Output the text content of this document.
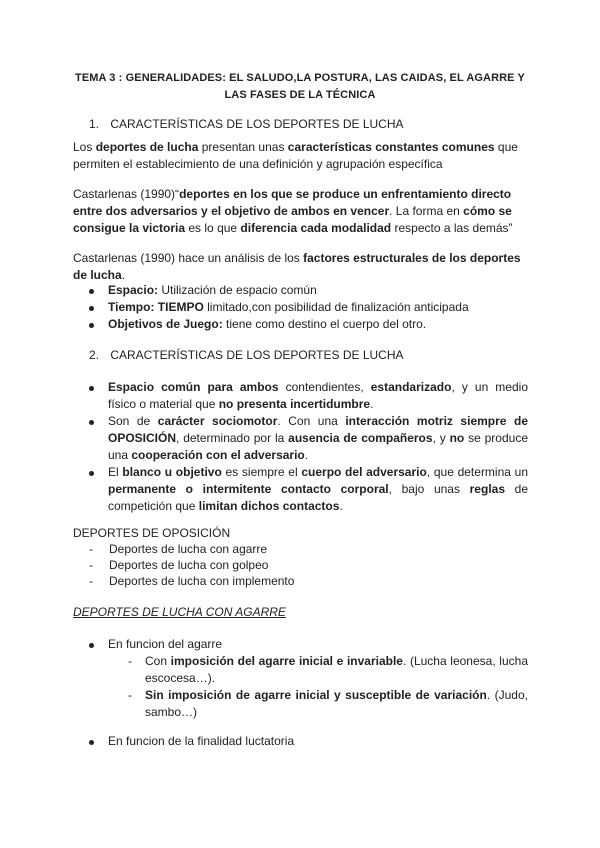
TEMA 3 : GENERALIDADES: EL SALUDO,LA POSTURA, LAS CAIDAS, EL AGARRE Y
LAS FASES DE LA TÉCNICA
1. CARACTERÍSTICAS DE LOS DEPORTES DE LUCHA

Los deportes de lucha presentan unas características constantes comunes que

permiten el establecimiento de una definición y agrupación específica

Castarlenas (1990)“deportes en los que se produce un enfrentamiento directo

entre dos adversarios y el objetivo de ambos en vencer. La forma en cómo se

consigue la victoria es lo que diferencia cada modalidad respecto a las demás”

Castarlenas (1990) hace un análisis de los factores estructurales de los deportes

de lucha.

Espacio: Utilización de espacio común
Tiempo: TIEMPO limitado,con posibilidad de finalización anticipada
Objetivos de Juego: tiene como destino el cuerpo del otro.
2. CARACTERÍSTICAS DE LOS DEPORTES DE LUCHA
Espacio común para ambos contendientes, estandarizado, y un medio físico o material que no presenta incertidumbre.
Son de carácter sociomotor. Con una interacción motriz siempre de OPOSICIÓN, determinado por la ausencia de compañeros, y no se produce una cooperación con el adversario.
El blanco u objetivo es siempre el cuerpo del adversario, que determina un permanente o intermitente contacto corporal, bajo unas reglas de competición que limitan dichos contactos.
DEPORTES DE OPOSICIÓN
- Deportes de lucha con agarre
- Deportes de lucha con golpeo
- Deportes de lucha con implemento
DEPORTES DE LUCHA CON AGARRE
En funcion del agarre
- Con imposición del agarre inicial e invariable. (Lucha leonesa, lucha escocesa…).
- Sin imposición de agarre inicial y susceptible de variación. (Judo, sambo…)
En funcion de la finalidad luctatoria
